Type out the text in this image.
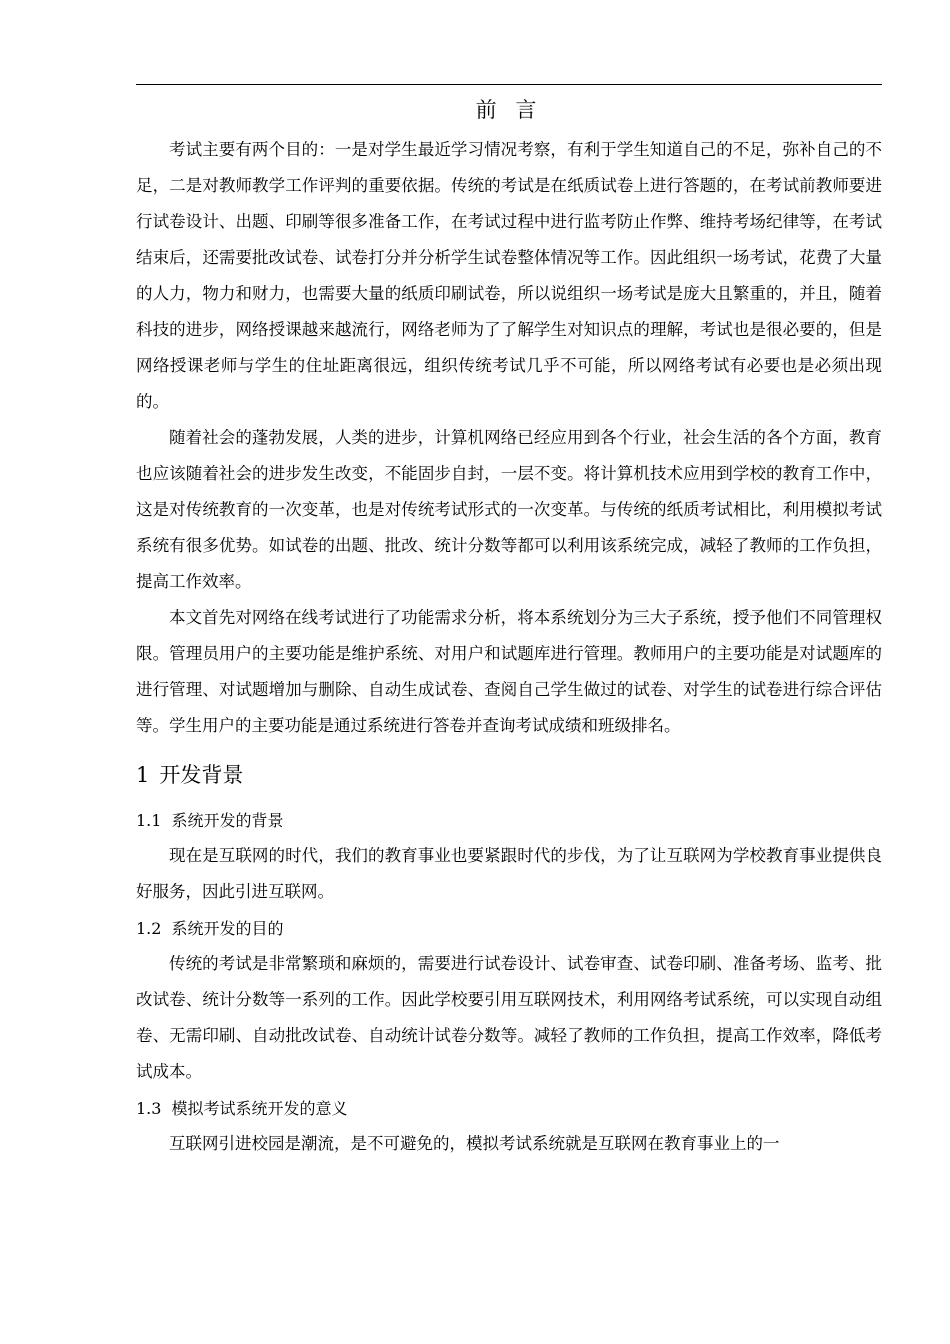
前 言

考试主要有两个目的：一是对学生最近学习情况考察，有利于学生知道自己的不足，弥补自己的不足，二是对教师教学工作评判的重要依据。传统的考试是在纸质试卷上进行答题的，在考试前教师要进行试卷设计、出题、印刷等很多准备工作，在考试过程中进行监考防止作弊、维持考场纪律等，在考试结束后，还需要批改试卷、试卷打分并分析学生试卷整体情况等工作。因此组织一场考试，花费了大量的人力，物力和财力，也需要大量的纸质印刷试卷，所以说组织一场考试是庞大且繁重的，并且，随着科技的进步，网络授课越来越流行，网络老师为了了解学生对知识点的理解，考试也是很必要的，但是网络授课老师与学生的住址距离很远，组织传统考试几乎不可能，所以网络考试有必要也是必须出现的。

随着社会的蓬勃发展，人类的进步，计算机网络已经应用到各个行业，社会生活的各个方面，教育也应该随着社会的进步发生改变，不能固步自封，一层不变。将计算机技术应用到学校的教育工作中，这是对传统教育的一次变革，也是对传统考试形式的一次变革。与传统的纸质考试相比，利用模拟考试系统有很多优势。如试卷的出题、批改、统计分数等都可以利用该系统完成，减轻了教师的工作负担，提高工作效率。

本文首先对网络在线考试进行了功能需求分析，将本系统划分为三大子系统，授予他们不同管理权限。管理员用户的主要功能是维护系统、对用户和试题库进行管理。教师用户的主要功能是对试题库的进行管理、对试题增加与删除、自动生成试卷、查阅自己学生做过的试卷、对学生的试卷进行综合评估等。学生用户的主要功能是通过系统进行答卷并查询考试成绩和班级排名。

1 开发背景
1.1 系统开发的背景

现在是互联网的时代，我们的教育事业也要紧跟时代的步伐，为了让互联网为学校教育事业提供良好服务，因此引进互联网。

1.2 系统开发的目的

传统的考试是非常繁琐和麻烦的，需要进行试卷设计、试卷审查、试卷印刷、准备考场、监考、批改试卷、统计分数等一系列的工作。因此学校要引用互联网技术，利用网络考试系统，可以实现自动组卷、无需印刷、自动批改试卷、自动统计试卷分数等。减轻了教师的工作负担，提高工作效率，降低考试成本。

1.3 模拟考试系统开发的意义

互联网引进校园是潮流，是不可避免的，模拟考试系统就是互联网在教育事业上的一
